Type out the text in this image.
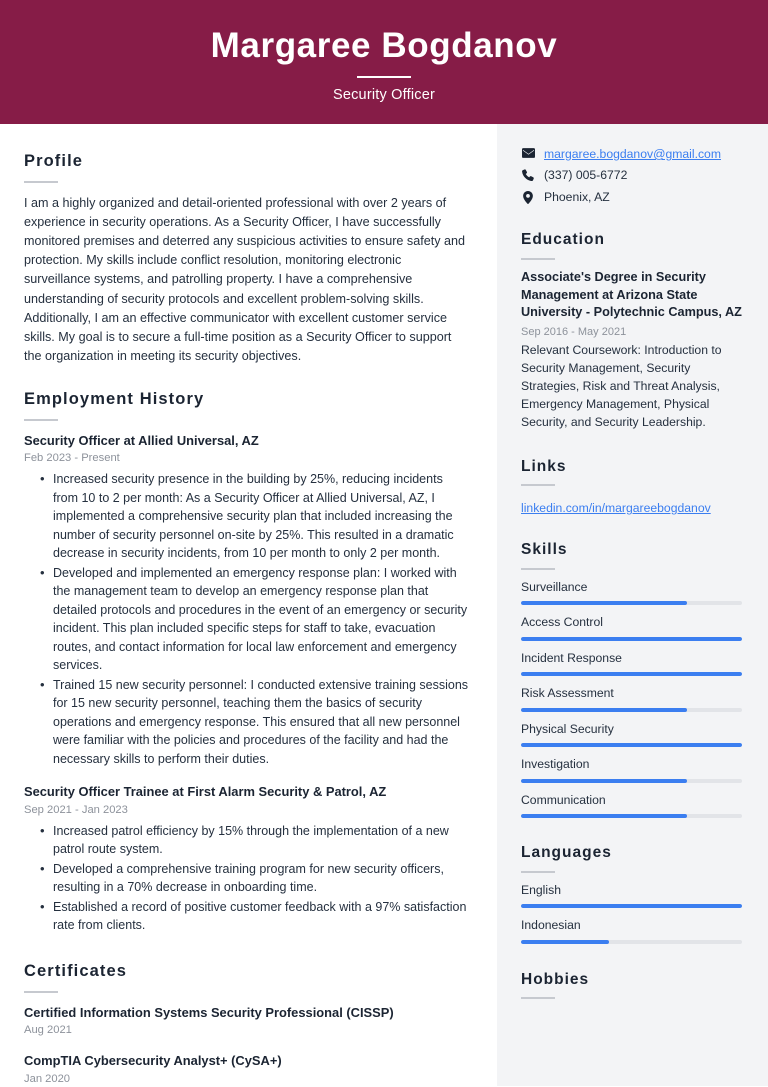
Margaree Bogdanov
Security Officer
Profile
I am a highly organized and detail-oriented professional with over 2 years of experience in security operations. As a Security Officer, I have successfully monitored premises and deterred any suspicious activities to ensure safety and protection. My skills include conflict resolution, monitoring electronic surveillance systems, and patrolling property. I have a comprehensive understanding of security protocols and excellent problem-solving skills. Additionally, I am an effective communicator with excellent customer service skills. My goal is to secure a full-time position as a Security Officer to support the organization in meeting its security objectives.
Employment History
Security Officer at Allied Universal, AZ
Feb 2023 - Present
• Increased security presence in the building by 25%, reducing incidents from 10 to 2 per month: As a Security Officer at Allied Universal, AZ, I implemented a comprehensive security plan that included increasing the number of security personnel on-site by 25%. This resulted in a dramatic decrease in security incidents, from 10 per month to only 2 per month.
• Developed and implemented an emergency response plan: I worked with the management team to develop an emergency response plan that detailed protocols and procedures in the event of an emergency or security incident. This plan included specific steps for staff to take, evacuation routes, and contact information for local law enforcement and emergency services.
• Trained 15 new security personnel: I conducted extensive training sessions for 15 new security personnel, teaching them the basics of security operations and emergency response. This ensured that all new personnel were familiar with the policies and procedures of the facility and had the necessary skills to perform their duties.
Security Officer Trainee at First Alarm Security & Patrol, AZ
Sep 2021 - Jan 2023
• Increased patrol efficiency by 15% through the implementation of a new patrol route system.
• Developed a comprehensive training program for new security officers, resulting in a 70% decrease in onboarding time.
• Established a record of positive customer feedback with a 97% satisfaction rate from clients.
Certificates
Certified Information Systems Security Professional (CISSP)
Aug 2021
CompTIA Cybersecurity Analyst+ (CySA+)
Jan 2020
margaree.bogdanov@gmail.com
(337) 005-6772
Phoenix, AZ
Education
Associate's Degree in Security Management at Arizona State University - Polytechnic Campus, AZ
Sep 2016 - May 2021
Relevant Coursework: Introduction to Security Management, Security Strategies, Risk and Threat Analysis, Emergency Management, Physical Security, and Security Leadership.
Links
linkedin.com/in/margareebogdanov
Skills
Surveillance
Access Control
Incident Response
Risk Assessment
Physical Security
Investigation
Communication
Languages
English
Indonesian
Hobbies
